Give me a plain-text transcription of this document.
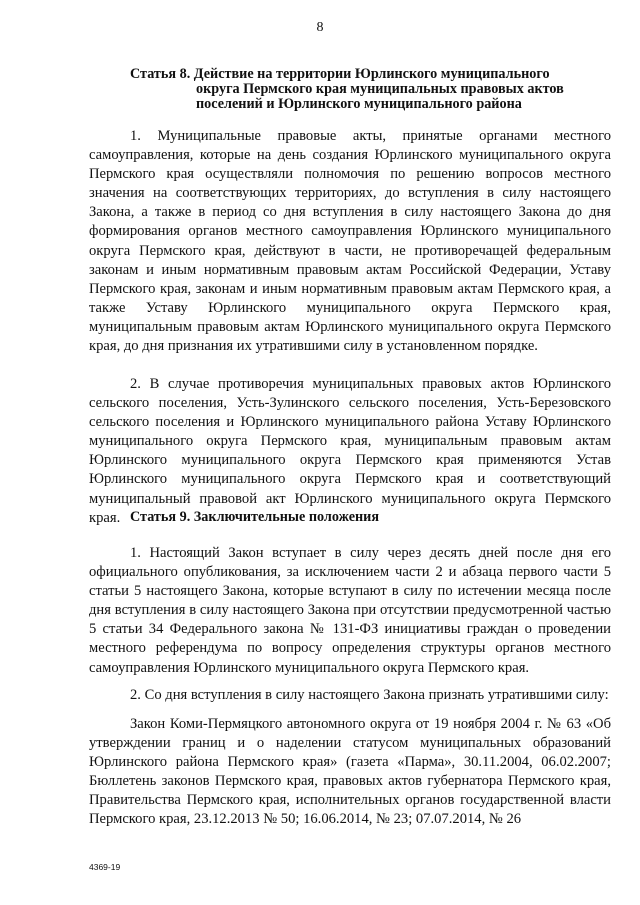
8
Статья 8. Действие на территории Юрлинского муниципального
округа Пермского края муниципальных правовых актов
поселений и Юрлинского муниципального района

1. Муниципальные правовые акты, принятые органами местного самоуправления, которые на день создания Юрлинского муниципального округа Пермского края осуществляли полномочия по решению вопросов местного значения на соответствующих территориях, до вступления в силу настоящего Закона, а также в период со дня вступления в силу настоящего Закона до дня формирования органов местного самоуправления Юрлинского муниципального округа Пермского края, действуют в части, не противоречащей федеральным законам и иным нормативным правовым актам Российской Федерации, Уставу Пермского края, законам и иным нормативным правовым актам Пермского края, а также Уставу Юрлинского муниципального округа Пермского края, муниципальным правовым актам Юрлинского муниципального округа Пермского края, до дня признания их утратившими силу в установленном порядке.

2. В случае противоречия муниципальных правовых актов Юрлинского сельского поселения, Усть-Зулинского сельского поселения, Усть-Березовского сельского поселения и Юрлинского муниципального района Уставу Юрлинского муниципального округа Пермского края, муниципальным правовым актам Юрлинского муниципального округа Пермского края применяются Устав Юрлинского муниципального округа Пермского края и соответствующий муниципальный правовой акт Юрлинского муниципального округа Пермского края. Статья 9. Заключительные положения

1. Настоящий Закон вступает в силу через десять дней после дня его официального опубликования, за исключением части 2 и абзаца первого части 5 статьи 5 настоящего Закона, которые вступают в силу по истечении месяца после дня вступления в силу настоящего Закона при отсутствии предусмотренной частью 5 статьи 34 Федерального закона № 131-ФЗ инициативы граждан о проведении местного референдума по вопросу определения структуры органов местного самоуправления Юрлинского муниципального округа Пермского края.

2. Со дня вступления в силу настоящего Закона признать утратившими силу:

Закон Коми-Пермяцкого автономного округа от 19 ноября 2004 г. № 63 «Об утверждении границ и о наделении статусом муниципальных образований Юрлинского района Пермского края» (газета «Парма», 30.11.2004, 06.02.2007; Бюллетень законов Пермского края, правовых актов губернатора Пермского края, Правительства Пермского края, исполнительных органов государственной власти Пермского края, 23.12.2013 № 50; 16.06.2014, № 23; 07.07.2014, № 26

4369-19
